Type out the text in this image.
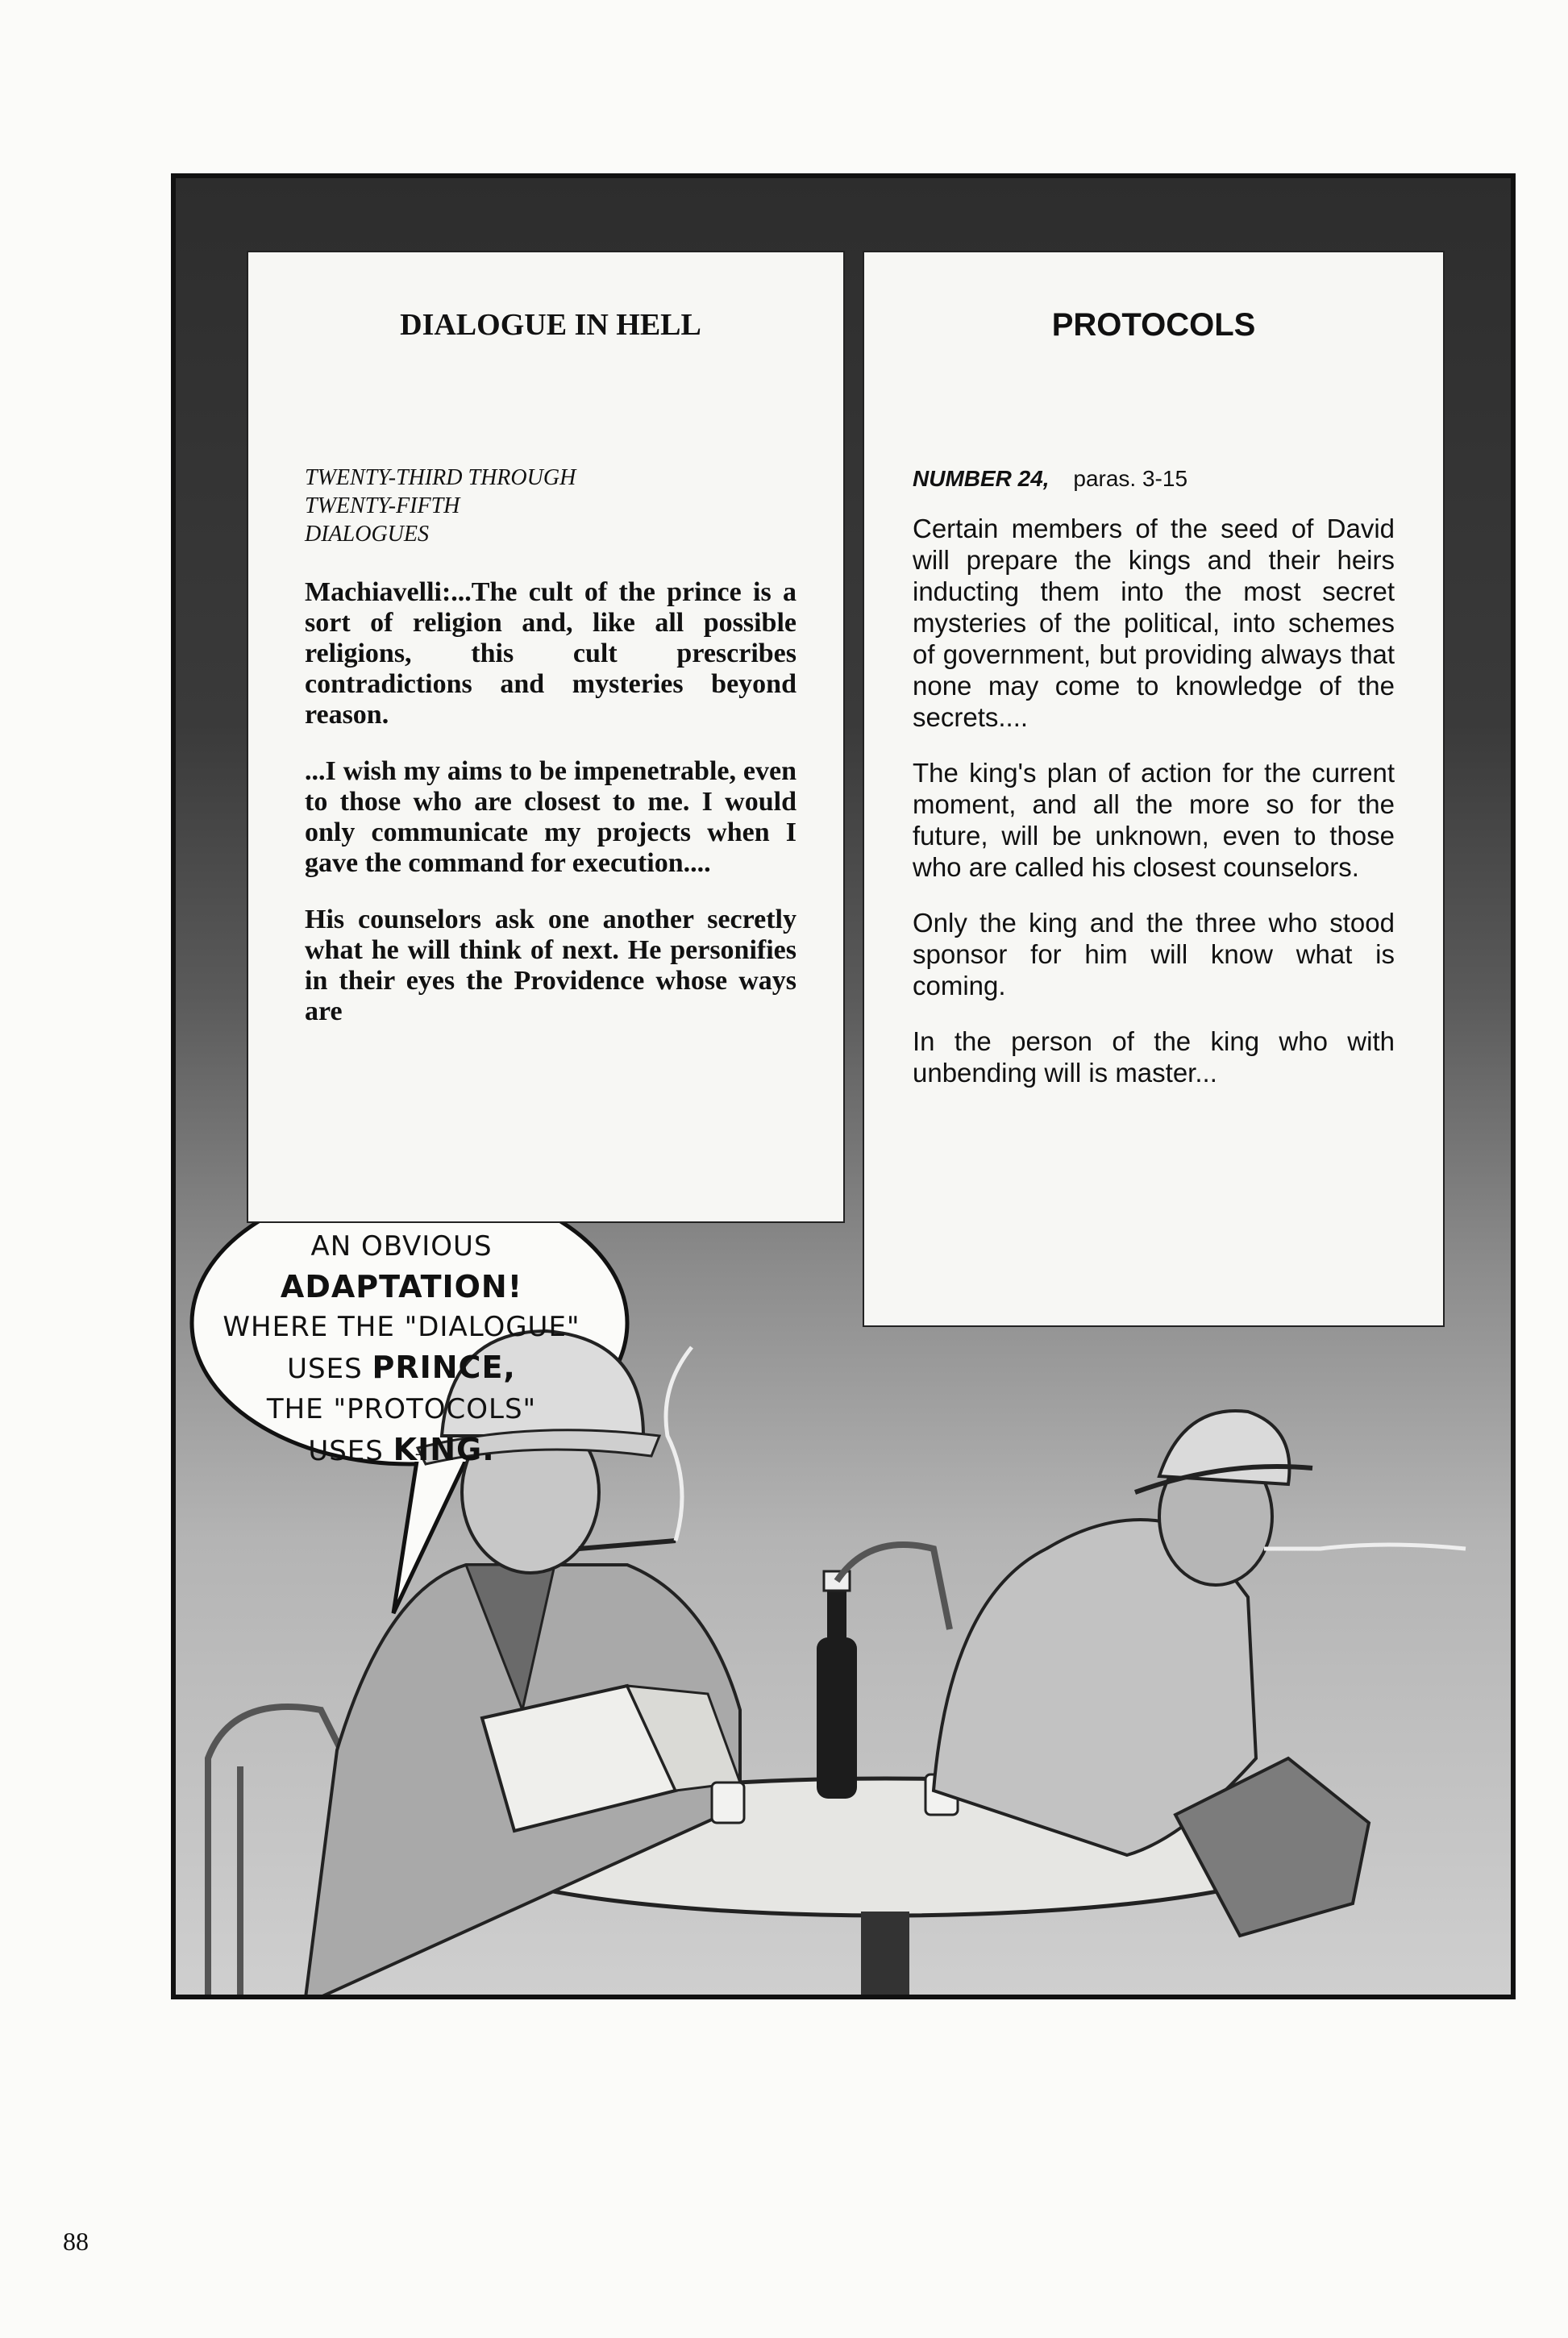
DIALOGUE IN HELL

TWENTY-THIRD THROUGH
TWENTY-FIFTH
DIALOGUES

Machiavelli:...The cult of the prince is a sort of religion and, like all possible religions, this cult prescribes contradictions and mysteries beyond reason.

...I wish my aims to be impenetrable, even to those who are closest to me. I would only communicate my projects when I gave the command for execution....

His counselors ask one another secretly what he will think of next. He personifies in their eyes the Providence whose ways are

PROTOCOLS

NUMBER 24, paras. 3-15

Certain members of the seed of David will prepare the kings and their heirs inducting them into the most secret mysteries of the political, into schemes of government, but providing always that none may come to knowledge of the secrets....

The king's plan of action for the current moment, and all the more so for the future, will be unknown, even to those who are called his closest counselors.

Only the king and the three who stood sponsor for him will know what is coming.

In the person of the king who with unbending will is master...

AN OBVIOUS
ADAPTATION!
WHERE THE "DIALOGUE"
USES PRINCE,
THE "PROTOCOLS"
USES KING.
88
